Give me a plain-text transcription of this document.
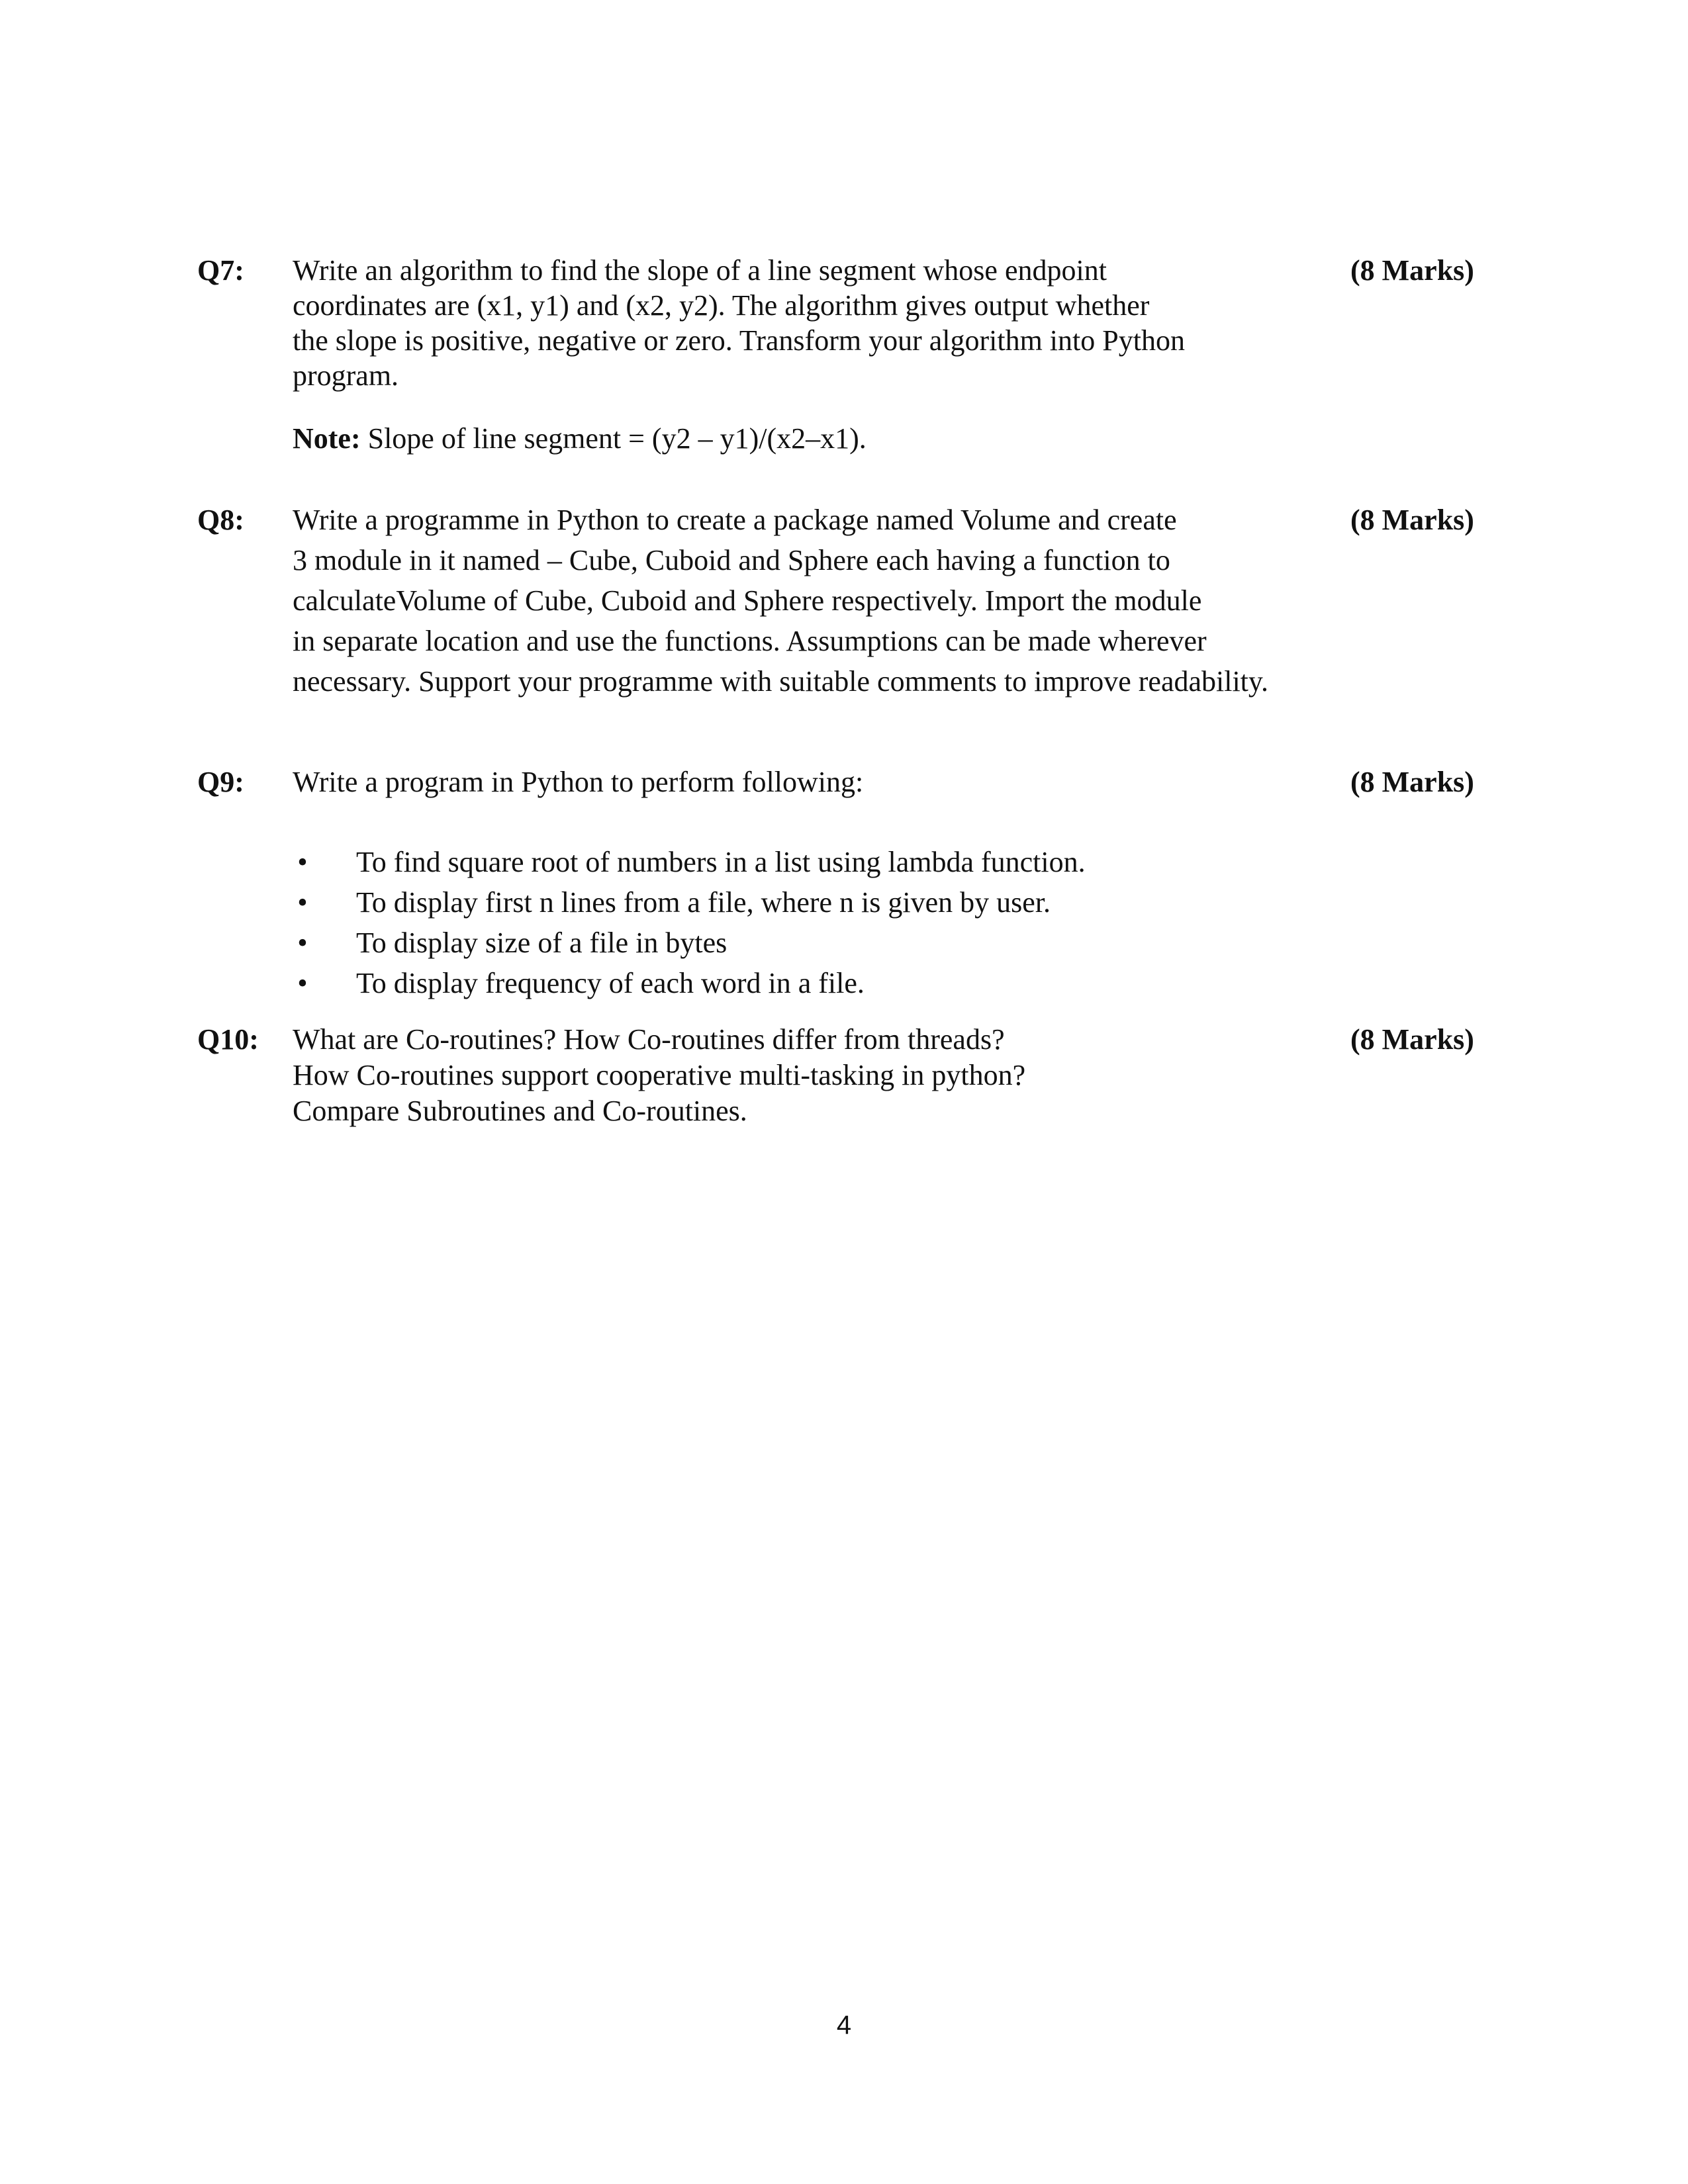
Q7: Write an algorithm to find the slope of a line segment whose endpoint
coordinates are (x1, y1) and (x2, y2). The algorithm gives output whether
the slope is positive, negative or zero. Transform your algorithm into Python
program.
(8 Marks)
Note: Slope of line segment = (y2 – y1)/(x2–x1).
Q8: Write a programme in Python to create a package named Volume and create
3 module in it named – Cube, Cuboid and Sphere each having a function to
calculateVolume of Cube, Cuboid and Sphere respectively. Import the module
in separate location and use the functions. Assumptions can be made wherever
necessary. Support your programme with suitable comments to improve readability.
(8 Marks)
Q9: Write a program in Python to perform following:	(8 Marks)
• To find square root of numbers in a list using lambda function.
• To display first n lines from a file, where n is given by user.
• To display size of a file in bytes
• To display frequency of each word in a file.
Q10: What are Co-routines? How Co-routines differ from threads?
How Co-routines support cooperative multi-tasking in python?
Compare Subroutines and Co-routines.
(8 Marks)
4
